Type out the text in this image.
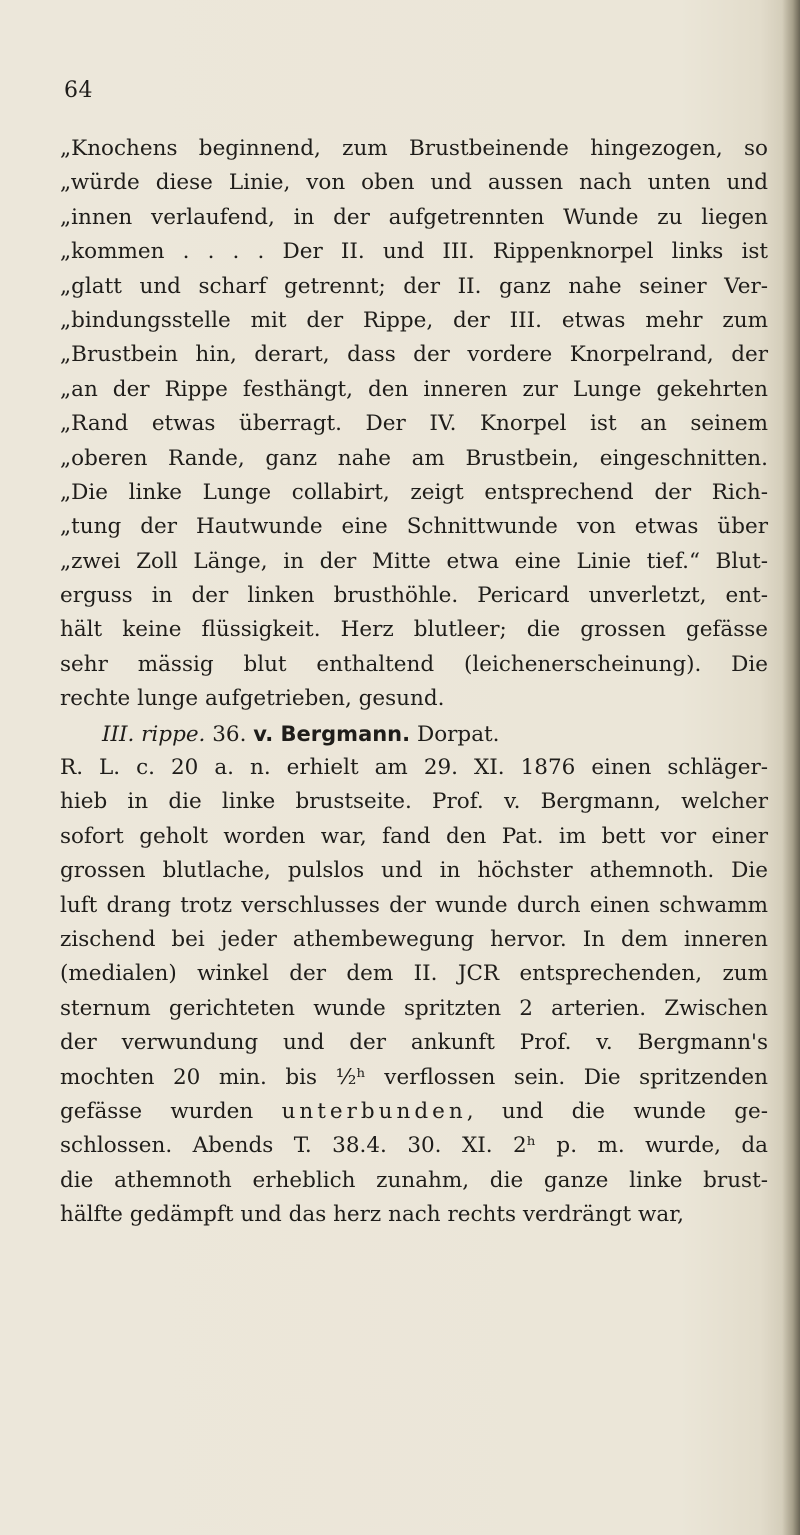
64
„Knochens beginnend, zum Brustbeinende hingezogen, so
„würde diese Linie, von oben und aussen nach unten und
„innen verlaufend, in der aufgetrennten Wunde zu liegen
„kommen . . . . Der II. und III. Rippenknorpel links ist
„glatt und scharf getrennt; der II. ganz nahe seiner Ver-
„bindungsstelle mit der Rippe, der III. etwas mehr zum
„Brustbein hin, derart, dass der vordere Knorpelrand, der
„an der Rippe festhängt, den inneren zur Lunge gekehrten
„Rand etwas überragt. Der IV. Knorpel ist an seinem
„oberen Rande, ganz nahe am Brustbein, eingeschnitten.
„Die linke Lunge collabirt, zeigt entsprechend der Rich-
„tung der Hautwunde eine Schnittwunde von etwas über
„zwei Zoll Länge, in der Mitte etwa eine Linie tief.“ Blut-
erguss in der linken brusthöhle. Pericard unverletzt, ent-
hält keine flüssigkeit. Herz blutleer; die grossen gefässe
sehr mässig blut enthaltend (leichenerscheinung). Die
rechte lunge aufgetrieben, gesund.
III. rippe. 36. v. Bergmann. Dorpat.
R. L. c. 20 a. n. erhielt am 29. XI. 1876 einen schläger-
hieb in die linke brustseite. Prof. v. Bergmann, welcher
sofort geholt worden war, fand den Pat. im bett vor einer
grossen blutlache, pulslos und in höchster athemnoth. Die
luft drang trotz verschlusses der wunde durch einen schwamm
zischend bei jeder athembewegung hervor. In dem inneren
(medialen) winkel der dem II. JCR entsprechenden, zum
sternum gerichteten wunde spritzten 2 arterien. Zwischen
der verwundung und der ankunft Prof. v. Bergmann's
mochten 20 min. bis ½ʰ verflossen sein. Die spritzenden
gefässe wurden unterbunden, und die wunde ge-
schlossen. Abends T. 38.4. 30. XI. 2ʰ p. m. wurde, da
die athemnoth erheblich zunahm, die ganze linke brust-
hälfte gedämpft und das herz nach rechts verdrängt war,
